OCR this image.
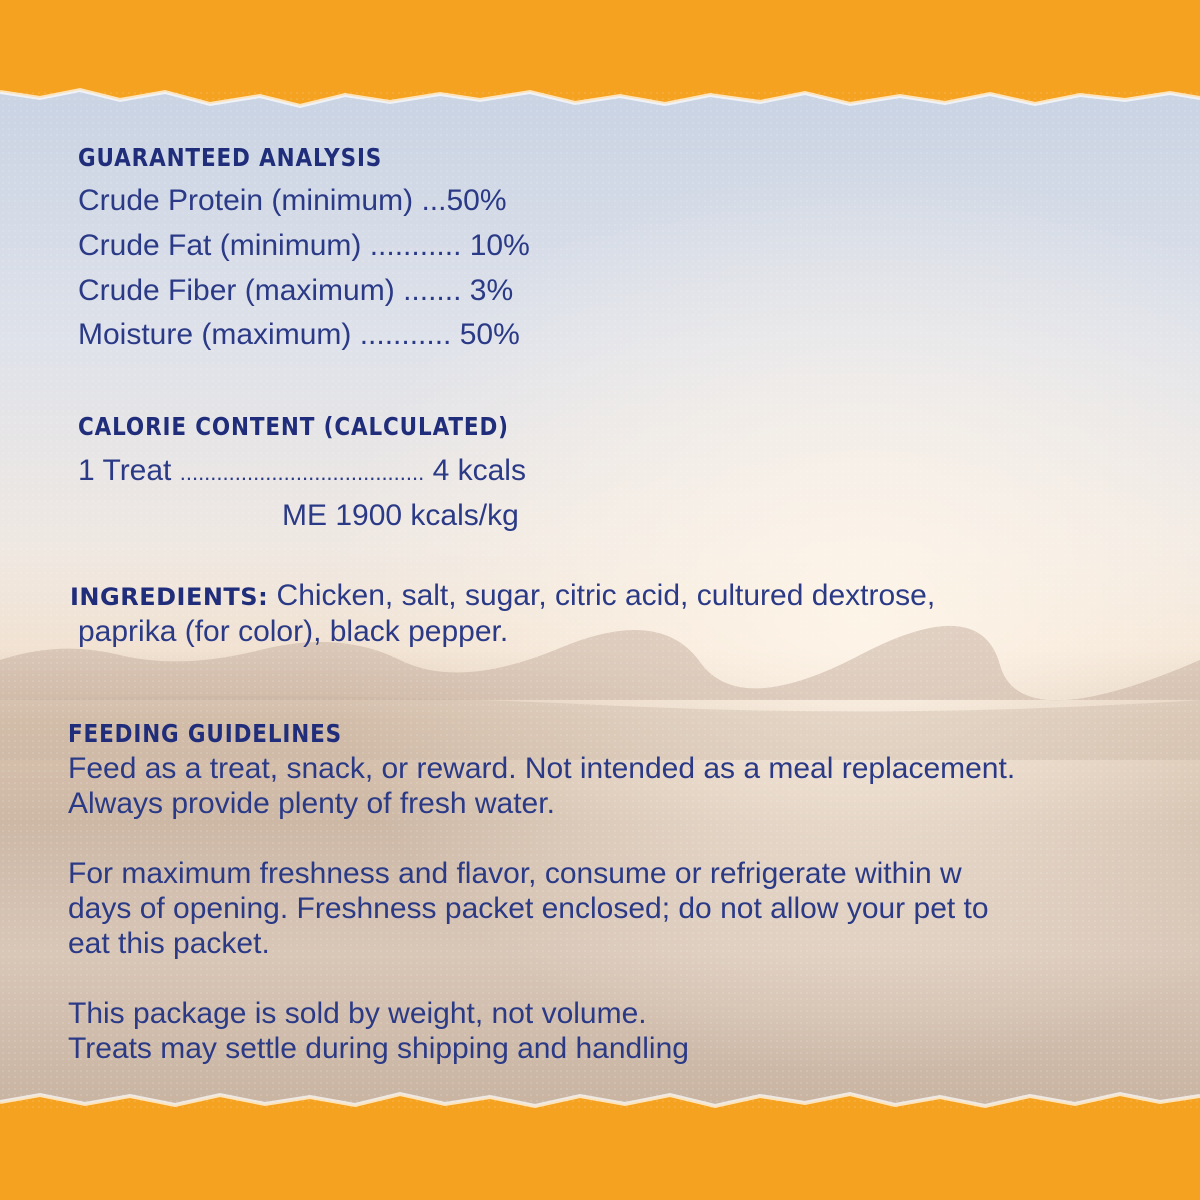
GUARANTEED ANALYSIS
Crude Protein (minimum) ...50%
Crude Fat (minimum) ........... 10%
Crude Fiber (maximum) ....... 3%
Moisture (maximum) ........... 50%
CALORIE CONTENT (CALCULATED)
1 Treat ........................................ 4 kcals
ME 1900 kcals/kg
INGREDIENTS: Chicken, salt, sugar, citric acid, cultured dextrose,
paprika (for color), black pepper.
FEEDING GUIDELINES
Feed as a treat, snack, or reward. Not intended as a meal replacement.
Always provide plenty of fresh water.
For maximum freshness and flavor, consume or refrigerate within w
days of opening. Freshness packet enclosed; do not allow your pet to
eat this packet.
This package is sold by weight, not volume.
Treats may settle during shipping and handling
